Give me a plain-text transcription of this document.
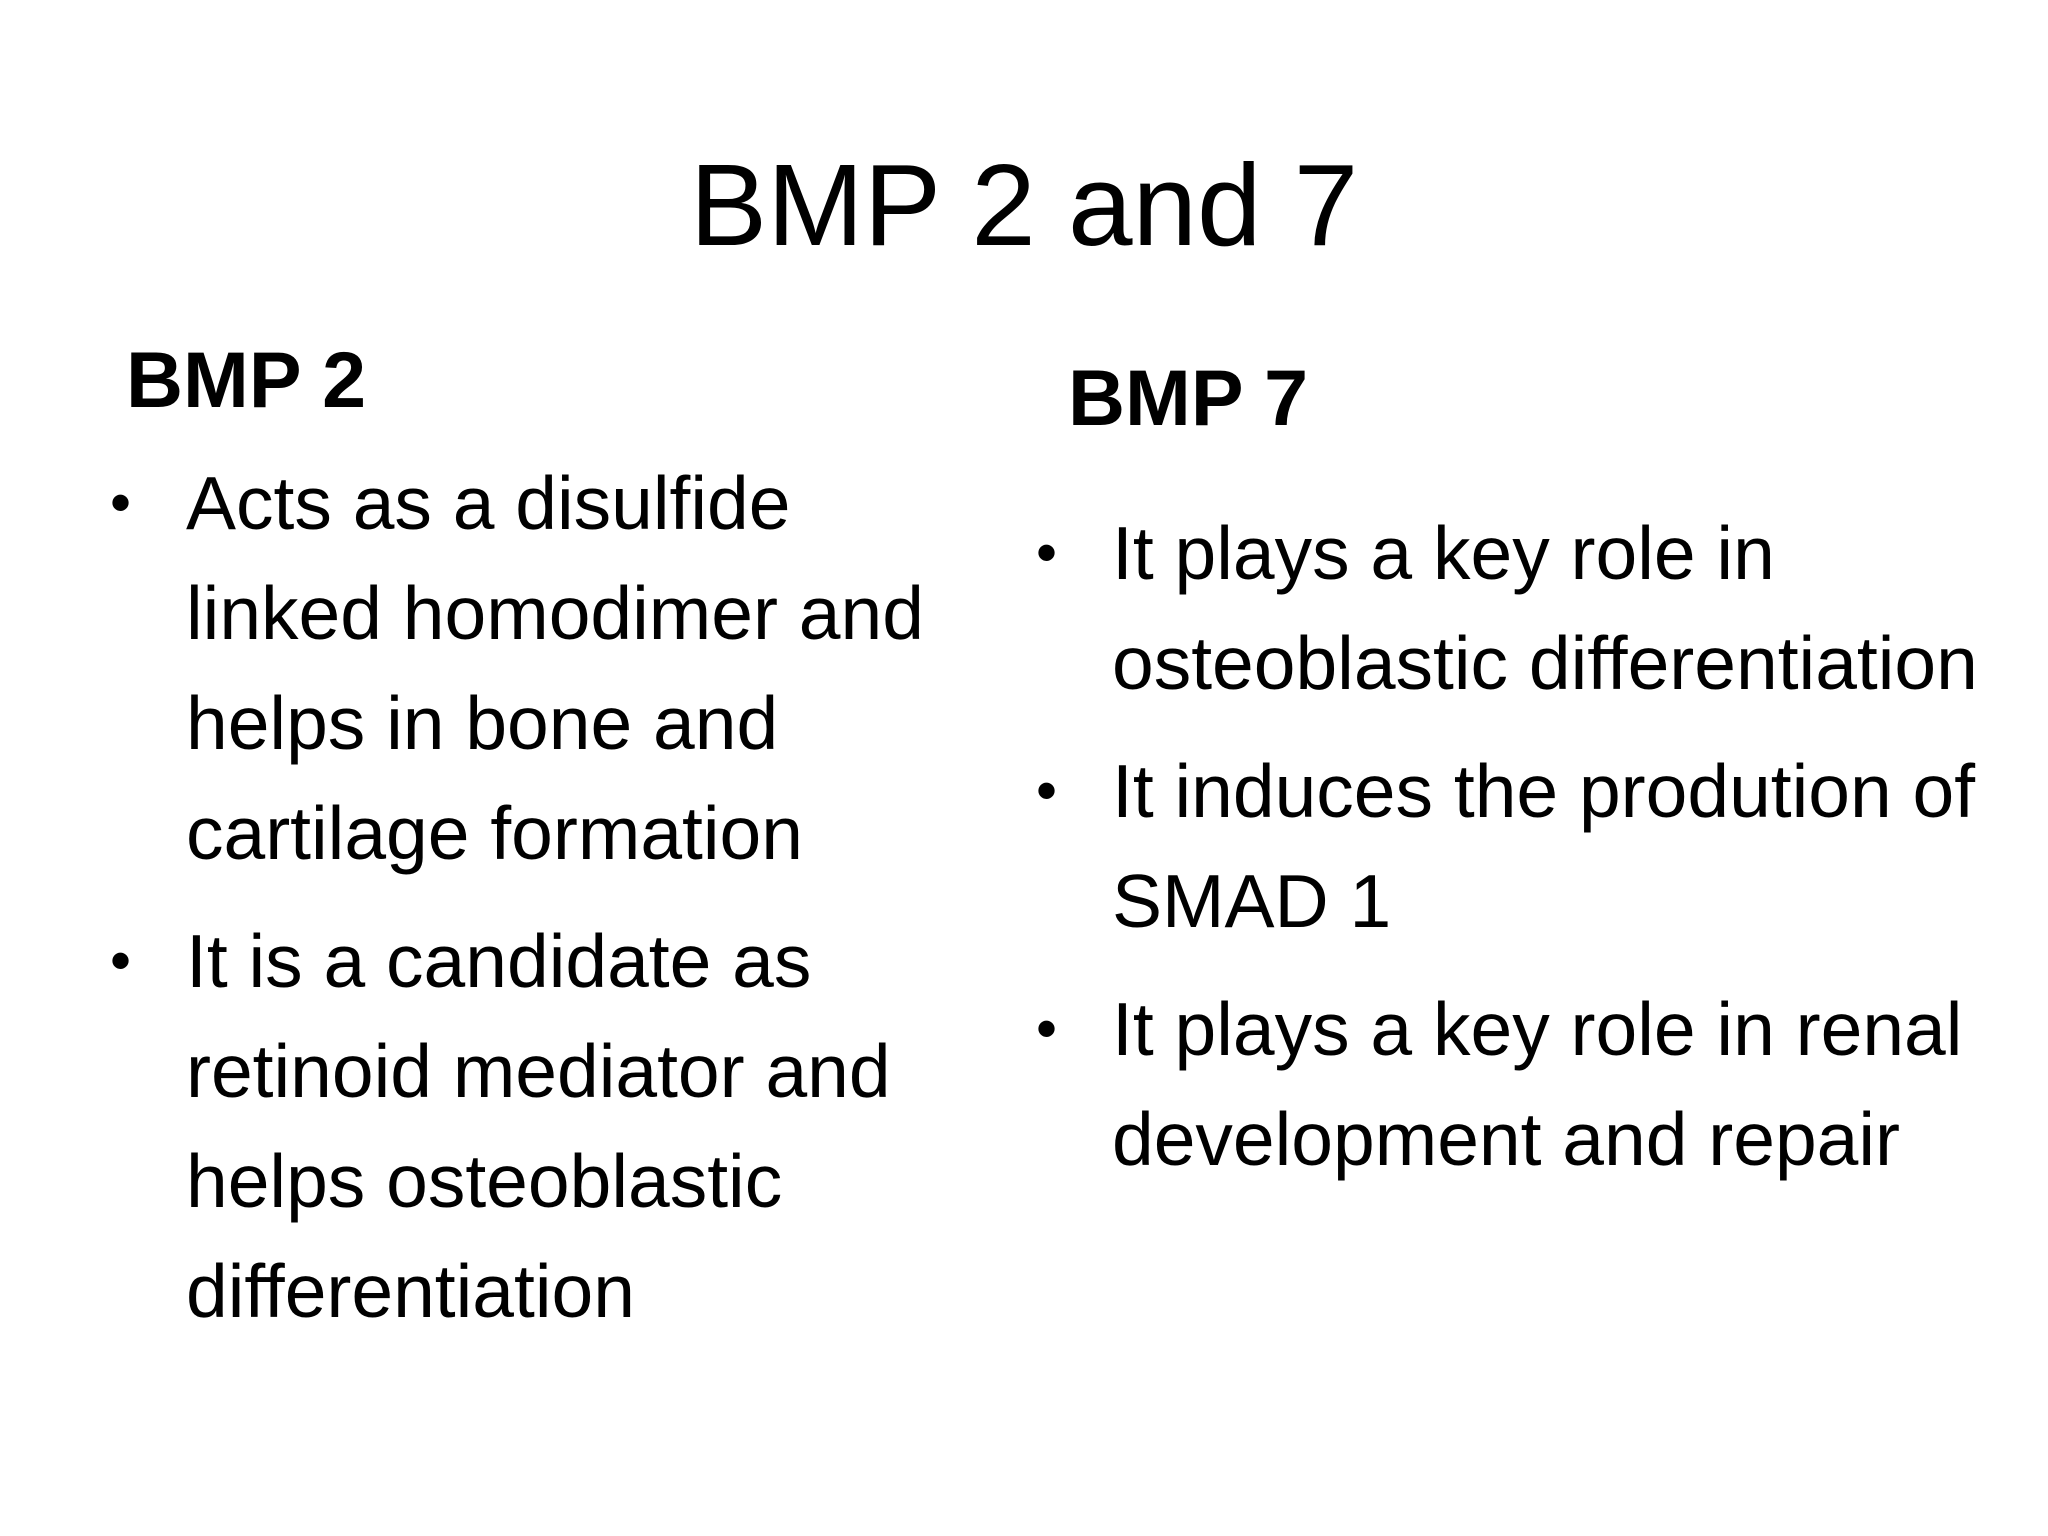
BMP 2 and 7
BMP 2
• Acts as a disulfide linked homodimer and helps in bone and cartilage formation
• It is a candidate as retinoid mediator and helps osteoblastic differentiation
BMP 7
• It plays a key role in osteoblastic differentiation
• It induces the prodution of SMAD 1
• It plays a key role in renal development and repair
